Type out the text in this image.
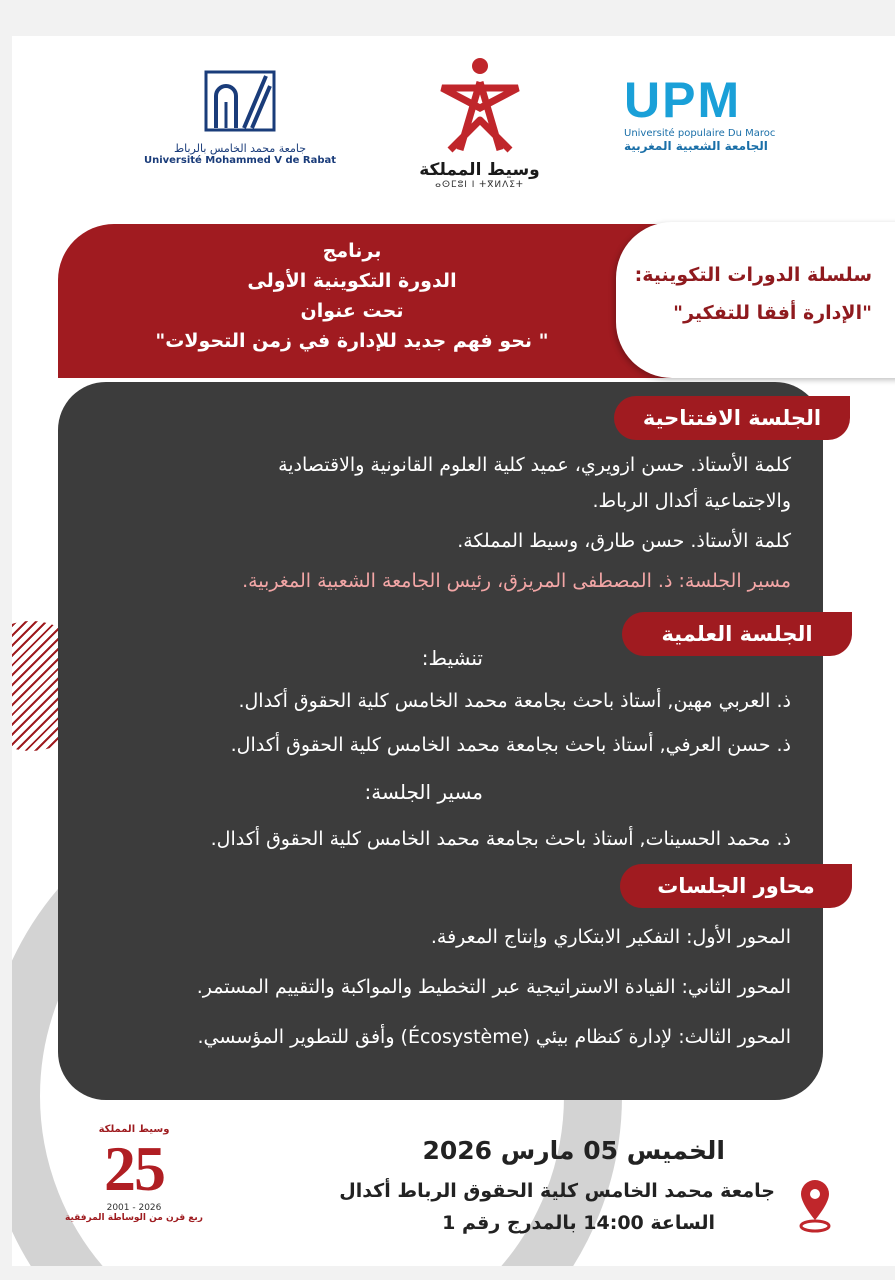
جامعة محمد الخامس بالرباط
Université Mohammed V de Rabat	وسيط المملكة
ⴰⵙⵎⵓⵏ ⵏ ⵜⴳⵍⴷⵉⵜ
UPM
Université populaire Du Maroc
الجامعة الشعبية المغربية
برنامج
الدورة التكوينية الأولى
تحت عنوان
" نحو فهم جديد للإدارة في زمن التحولات"
سلسلة الدورات التكوينية:
"الإدارة أفقا للتفكير"
الجلسة الافتتاحية
كلمة الأستاذ. حسن ازويري، عميد كلية العلوم القانونية والاقتصادية
والاجتماعية أكدال الرباط.
كلمة الأستاذ. حسن طارق، وسيط المملكة.
مسير الجلسة: ذ. المصطفى المريزق، رئيس الجامعة الشعبية المغربية.
الجلسة العلمية
تنشيط:
ذ. العربي مهين, أستاذ باحث بجامعة محمد الخامس كلية الحقوق أكدال.
ذ. حسن العرفي, أستاذ باحث بجامعة محمد الخامس كلية الحقوق أكدال.
مسير الجلسة:
ذ. محمد الحسينات, أستاذ باحث بجامعة محمد الخامس كلية الحقوق أكدال.
محاور الجلسات
المحور الأول: التفكير الابتكاري وإنتاج المعرفة.
المحور الثاني: القيادة الاستراتيجية عبر التخطيط والمواكبة والتقييم المستمر.
المحور الثالث: لإدارة كنظام بيئي (Écosystème) وأفق للتطوير المؤسسي.
الخميس 05 مارس 2026
جامعة محمد الخامس كلية الحقوق الرباط أكدال
الساعة 14:00 بالمدرج رقم 1
وسيط المملكة
25
2001 - 2026
ربع قرن من الوساطة المرفقية
